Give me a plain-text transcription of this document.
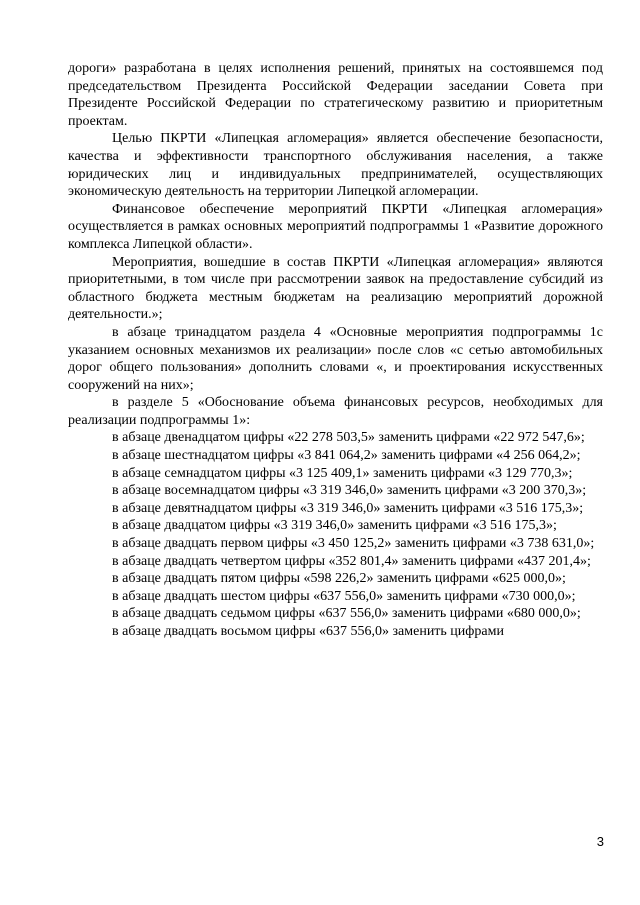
дороги» разработана в целях исполнения решений, принятых на состоявшемся под председательством Президента Российской Федерации заседании Совета при Президенте Российской Федерации по стратегическому развитию и приоритетным проектам.

Целью ПКРТИ «Липецкая агломерация» является обеспечение безопасности, качества и эффективности транспортного обслуживания населения, а также юридических лиц и индивидуальных предпринимателей, осуществляющих экономическую деятельность на территории Липецкой агломерации.

Финансовое обеспечение мероприятий ПКРТИ «Липецкая агломерация» осуществляется в рамках основных мероприятий подпрограммы 1 «Развитие дорожного комплекса Липецкой области».

Мероприятия, вошедшие в состав ПКРТИ «Липецкая агломерация» являются приоритетными, в том числе при рассмотрении заявок на предоставление субсидий из областного бюджета местным бюджетам на реализацию мероприятий дорожной деятельности.»;

в абзаце тринадцатом раздела 4 «Основные мероприятия подпрограммы 1с указанием основных механизмов их реализации» после слов «с сетью автомобильных дорог общего пользования» дополнить словами «, и проектирования искусственных сооружений на них»;

в разделе 5 «Обоснование объема финансовых ресурсов, необходимых для реализации подпрограммы 1»:

в абзаце двенадцатом цифры «22 278 503,5» заменить цифрами «22 972 547,6»;

в абзаце шестнадцатом цифры «3 841 064,2» заменить цифрами «4 256 064,2»;

в абзаце семнадцатом цифры «3 125 409,1» заменить цифрами «3 129 770,3»;

в абзаце восемнадцатом цифры «3 319 346,0» заменить цифрами «3 200 370,3»;

в абзаце девятнадцатом цифры «3 319 346,0» заменить цифрами «3 516 175,3»;

в абзаце двадцатом цифры «3 319 346,0» заменить цифрами «3 516 175,3»;

в абзаце двадцать первом цифры «3 450 125,2» заменить цифрами «3 738 631,0»;

в абзаце двадцать четвертом цифры «352 801,4» заменить цифрами «437 201,4»;

в абзаце двадцать пятом цифры «598 226,2» заменить цифрами «625 000,0»;

в абзаце двадцать шестом цифры «637 556,0» заменить цифрами «730 000,0»;

в абзаце двадцать седьмом цифры «637 556,0» заменить цифрами «680 000,0»;

в абзаце двадцать восьмом цифры «637 556,0» заменить цифрами

3
